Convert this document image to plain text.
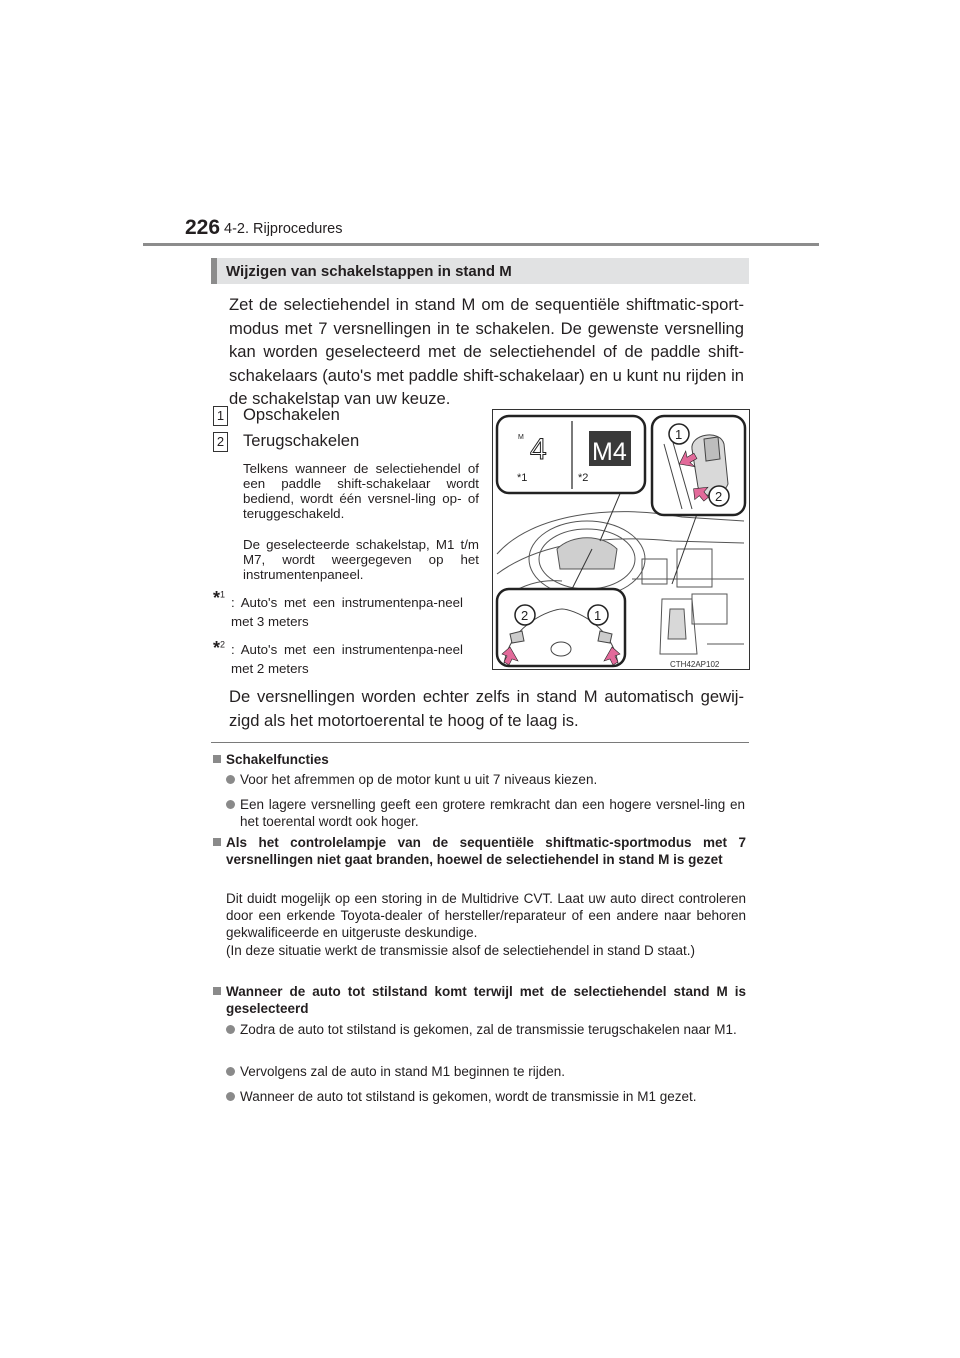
226 4-2. Rijprocedures
Wijzigen van schakelstappen in stand M
Zet de selectiehendel in stand M om de sequentiële shiftmatic-sport-modus met 7 versnellingen in te schakelen. De gewenste versnelling kan worden geselecteerd met de selectiehendel of de paddle shift-schakelaars (auto's met paddle shift-schakelaar) en u kunt nu rijden in de schakelstap van uw keuze.
1 Opschakelen
2 Terugschakelen
Telkens wanneer de selectiehendel of een paddle shift-schakelaar wordt bediend, wordt één versnel-ling op- of teruggeschakeld.
De geselecteerde schakelstap, M1 t/m M7, wordt weergegeven op het instrumentenpaneel.
*$^1$
: Auto's met een instrumentenpa-neel met 3 meters
*$^2$ : Auto's met een instrumentenpa-neel met 2 meters
M 4 M4
*1	*2
1
2
2	1
CTH42AP102
De versnellingen worden echter zelfs in stand M automatisch gewij-zigd als het motortoerental te hoog of te laag is.
Schakelfuncties
Voor het afremmen op de motor kunt u uit 7 niveaus kiezen.
Een lagere versnelling geeft een grotere remkracht dan een hogere versnel-ling en het toerental wordt ook hoger.
Als het controlelampje van de sequentiële shiftmatic-sportmodus met 7 versnellingen niet gaat branden, hoewel de selectiehendel in stand M is gezet
Dit duidt mogelijk op een storing in de Multidrive CVT. Laat uw auto direct controleren door een erkende Toyota-dealer of hersteller/reparateur of een andere naar behoren gekwalificeerde en uitgeruste deskundige.
(In deze situatie werkt de transmissie alsof de selectiehendel in stand D staat.)
Wanneer de auto tot stilstand komt terwijl met de selectiehendel stand M is geselecteerd
Zodra de auto tot stilstand is gekomen, zal de transmissie terugschakelen naar M1.
Vervolgens zal de auto in stand M1 beginnen te rijden.
Wanneer de auto tot stilstand is gekomen, wordt de transmissie in M1 gezet.
